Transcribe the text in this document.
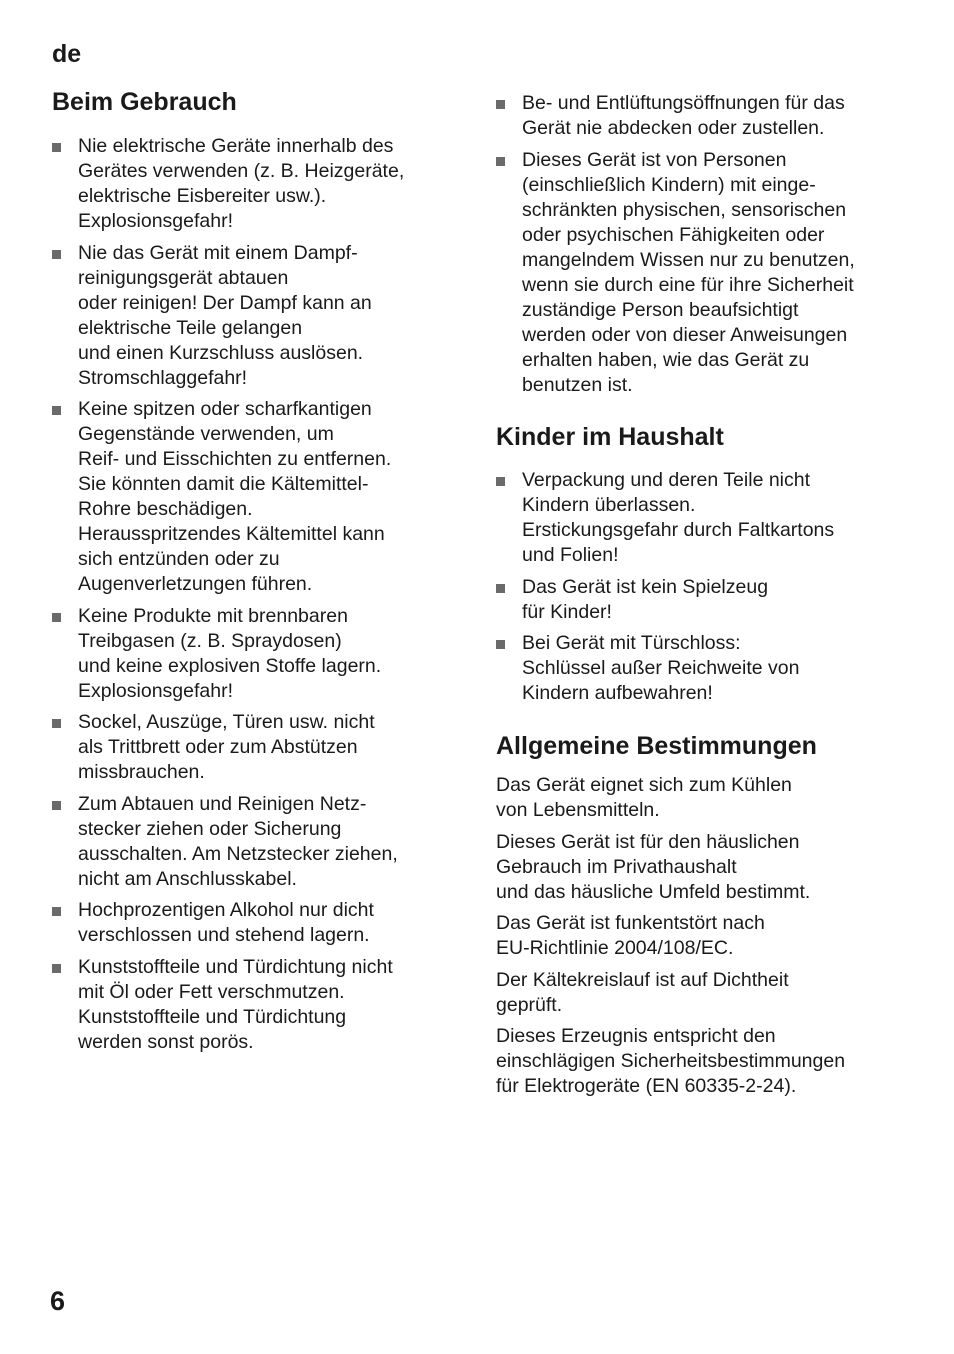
de
Beim Gebrauch
Nie elektrische Geräte innerhalb des
Gerätes verwenden (z. B. Heizgeräte,
elektrische Eisbereiter usw.).
Explosionsgefahr!
Nie das Gerät mit einem Dampf-
reinigungsgerät abtauen
oder reinigen! Der Dampf kann an
elektrische Teile gelangen
und einen Kurzschluss auslösen.
Stromschlaggefahr!
Keine spitzen oder scharfkantigen
Gegenstände verwenden, um
Reif- und Eisschichten zu entfernen.
Sie könnten damit die Kältemittel-
Rohre beschädigen.
Herausspritzendes Kältemittel kann
sich entzünden oder zu
Augenverletzungen führen.
Keine Produkte mit brennbaren
Treibgasen (z. B. Spraydosen)
und keine explosiven Stoffe lagern.
Explosionsgefahr!
Sockel, Auszüge, Türen usw. nicht
als Trittbrett oder zum Abstützen
missbrauchen.
Zum Abtauen und Reinigen Netz-
stecker ziehen oder Sicherung
ausschalten. Am Netzstecker ziehen,
nicht am Anschlusskabel.
Hochprozentigen Alkohol nur dicht
verschlossen und stehend lagern.
Kunststoffteile und Türdichtung nicht
mit Öl oder Fett verschmutzen.
Kunststoffteile und Türdichtung
werden sonst porös.
Be- und Entlüftungsöffnungen für das
Gerät nie abdecken oder zustellen.
Dieses Gerät ist von Personen
(einschließlich Kindern) mit einge-
schränkten physischen, sensorischen
oder psychischen Fähigkeiten oder
mangelndem Wissen nur zu benutzen,
wenn sie durch eine für ihre Sicherheit
zuständige Person beaufsichtigt
werden oder von dieser Anweisungen
erhalten haben, wie das Gerät zu
benutzen ist.
Kinder im Haushalt
Verpackung und deren Teile nicht
Kindern überlassen.
Erstickungsgefahr durch Faltkartons
und Folien!
Das Gerät ist kein Spielzeug
für Kinder!
Bei Gerät mit Türschloss:
Schlüssel außer Reichweite von
Kindern aufbewahren!
Allgemeine Bestimmungen

Das Gerät eignet sich zum Kühlen
von Lebensmitteln.

Dieses Gerät ist für den häuslichen
Gebrauch im Privathaushalt
und das häusliche Umfeld bestimmt.

Das Gerät ist funkentstört nach
EU-Richtlinie 2004/108/EC.

Der Kältekreislauf ist auf Dichtheit
geprüft.

Dieses Erzeugnis entspricht den
einschlägigen Sicherheitsbestimmungen
für Elektrogeräte (EN 60335-2-24).

6
